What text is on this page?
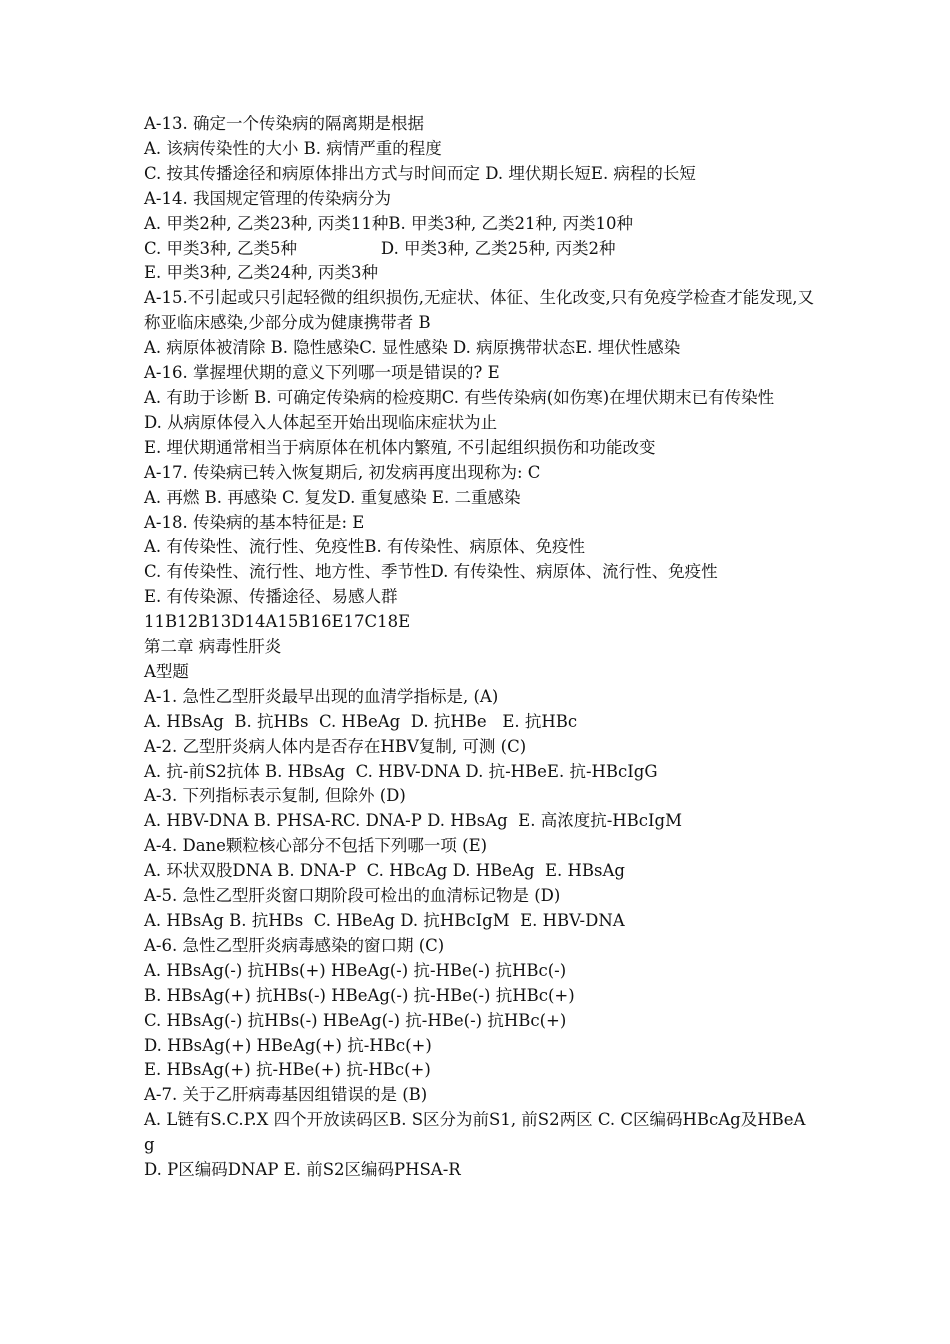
A-13. 确定一个传染病的隔离期是根据

A. 该病传染性的大小 B. 病情严重的程度

C. 按其传播途径和病原体排出方式与时间而定 D. 埋伏期长短E. 病程的长短

A-14. 我国规定管理的传染病分为

A. 甲类2种, 乙类23种, 丙类11种B. 甲类3种, 乙类21种, 丙类10种

C. 甲类3种, 乙类5种                D. 甲类3种, 乙类25种, 丙类2种

E. 甲类3种, 乙类24种, 丙类3种

A-15.不引起或只引起轻微的组织损伤,无症状、体征、生化改变,只有免疫学检查才能发现,又称亚临床感染,少部分成为健康携带者 B

A. 病原体被清除 B. 隐性感染C. 显性感染 D. 病原携带状态E. 埋伏性感染

A-16. 掌握埋伏期的意义下列哪一项是错误的? E

A. 有助于诊断 B. 可确定传染病的检疫期C. 有些传染病(如伤寒)在埋伏期末已有传染性

D. 从病原体侵入人体起至开始出现临床症状为止

E. 埋伏期通常相当于病原体在机体内繁殖, 不引起组织损伤和功能改变

A-17. 传染病已转入恢复期后, 初发病再度出现称为: C

A. 再燃 B. 再感染 C. 复发D. 重复感染 E. 二重感染

A-18. 传染病的基本特征是: E

A. 有传染性、流行性、免疫性B. 有传染性、病原体、免疫性

C. 有传染性、流行性、地方性、季节性D. 有传染性、病原体、流行性、免疫性

E. 有传染源、传播途径、易感人群

11B12B13D14A15B16E17C18E

第二章 病毒性肝炎

A型题

A-1. 急性乙型肝炎最早出现的血清学指标是, (A)

A. HBsAg  B. 抗HBs  C. HBeAg  D. 抗HBe   E. 抗HBc

A-2. 乙型肝炎病人体内是否存在HBV复制, 可测 (C)

A. 抗-前S2抗体 B. HBsAg  C. HBV-DNA D. 抗-HBeE. 抗-HBcIgG

A-3. 下列指标表示复制, 但除外 (D)

A. HBV-DNA B. PHSA-RC. DNA-P D. HBsAg  E. 高浓度抗-HBcIgM

A-4. Dane颗粒核心部分不包括下列哪一项 (E)

A. 环状双股DNA B. DNA-P  C. HBcAg D. HBeAg  E. HBsAg

A-5. 急性乙型肝炎窗口期阶段可检出的血清标记物是 (D)

A. HBsAg B. 抗HBs  C. HBeAg D. 抗HBcIgM  E. HBV-DNA

A-6. 急性乙型肝炎病毒感染的窗口期 (C)

A. HBsAg(-) 抗HBs(+) HBeAg(-) 抗-HBe(-) 抗HBc(-)

B. HBsAg(+) 抗HBs(-) HBeAg(-) 抗-HBe(-) 抗HBc(+)

C. HBsAg(-) 抗HBs(-) HBeAg(-) 抗-HBe(-) 抗HBc(+)

D. HBsAg(+) HBeAg(+) 抗-HBc(+)

E. HBsAg(+) 抗-HBe(+) 抗-HBc(+)

A-7. 关于乙肝病毒基因组错误的是 (B)

A. L链有S.C.P.X 四个开放读码区B. S区分为前S1, 前S2两区 C. C区编码HBcAg及HBeAg

D. P区编码DNAP E. 前S2区编码PHSA-R
